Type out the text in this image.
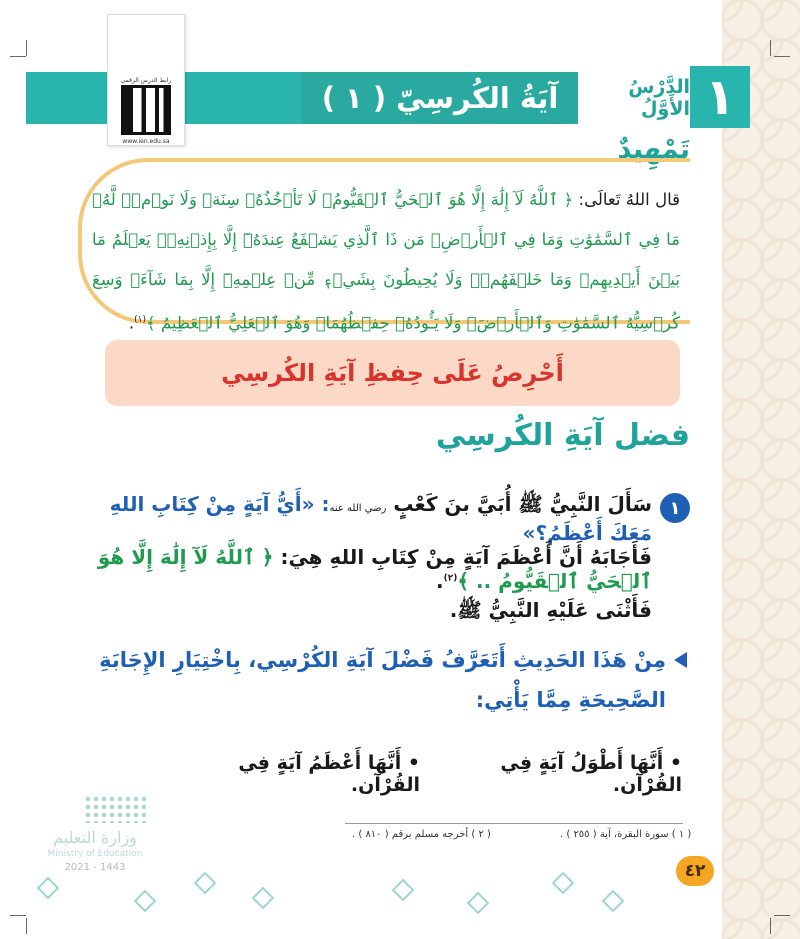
آيَةُ الكُرسِيّ ( ١ )	الدَّرْسُ الأَوَّلُ ١
رابط الدرس الرقمي
www.ien.edu.sa	تَمْهِيدٌ
قال اللهُ تَعالَى: ﴿ ٱللَّهُ لَآ إِلَٰهَ إِلَّا هُوَ ٱلۡحَيُّ ٱلۡقَيُّومُۚ لَا تَأۡخُذُهُۥ سِنَةٞ وَلَا نَوۡمٞۚ لَّهُۥ مَا فِي ٱلسَّمَٰوَٰتِ وَمَا فِي ٱلۡأَرۡضِۗ مَن ذَا ٱلَّذِي يَشۡفَعُ عِندَهُۥٓ إِلَّا بِإِذۡنِهِۦۚ يَعۡلَمُ مَا بَيۡنَ أَيۡدِيهِمۡ وَمَا خَلۡفَهُمۡۖ وَلَا يُحِيطُونَ بِشَيۡءٖ مِّنۡ عِلۡمِهِۦٓ إِلَّا بِمَا شَآءَۚ وَسِعَ كُرۡسِيُّهُ ٱلسَّمَٰوَٰتِ وَٱلۡأَرۡضَۖ وَلَا يَـُٔودُهُۥ حِفۡظُهُمَاۚ وَهُوَ ٱلۡعَلِيُّ ٱلۡعَظِيمُ ﴾$^{(١)}$.
أَحْرِصُ عَلَى حِفظِ آيَةِ الكُرسِي
فضل آيَةِ الكُرسِي
١
سَأَلَ النَّبِيُّ ﷺ أُبَيَّ بنَ كَعْبٍ رضي الله عنه: «أَيُّ آيَةٍ مِنْ كِتَابِ اللهِ مَعَكَ أَعْظَمُ؟»
فَأَجَابَهُ أَنَّ أَعْظَمَ آيَةٍ مِنْ كِتَابِ اللهِ هِيَ: ﴿ ٱللَّهُ لَآ إِلَٰهَ إِلَّا هُوَ ٱلۡحَيُّ ٱلۡقَيُّومُ .. ﴾$^{(٢)}$.
فَأَثْنَى عَلَيْهِ النَّبِيُّ ﷺ.
مِنْ هَذَا الحَدِيثِ أَتَعَرَّفُ فَضْلَ آيَةِ الكُرْسِي، بِاخْتِيَارِ الإِجَابَةِ الصَّحِيحَةِ مِمَّا يَأْتِي:
• أَنَّهَا أَطْوَلُ آيَةٍ فِي القُرْآن.
• أَنَّهَا أَعْظَمُ آيَةٍ فِي القُرْآن.
( ١ ) سورة البقرة، آية ( ٢٥٥ ) .
( ٢ ) أخرجه مسلم برقم ( ٨١٠ ) .
٤٢
وزارة التعليم
Ministry of Education
2021 - 1443
